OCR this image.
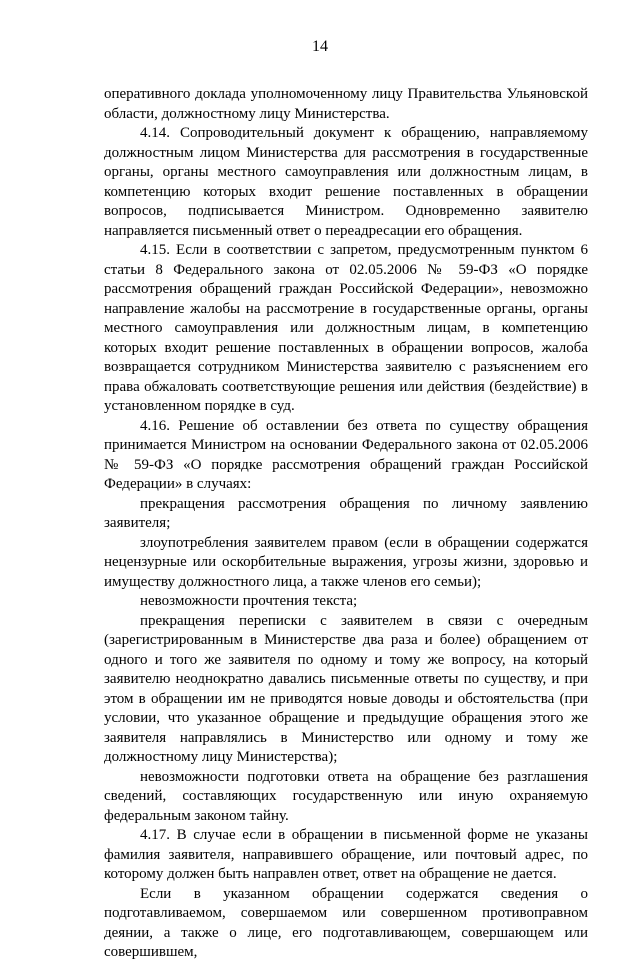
14

оперативного доклада уполномоченному лицу Правительства Ульяновской области, должностному лицу Министерства.

4.14. Сопроводительный документ к обращению, направляемому должностным лицом Министерства для рассмотрения в государственные органы, органы местного самоуправления или должностным лицам, в компетенцию которых входит решение поставленных в обращении вопросов, подписывается Министром. Одновременно заявителю направляется письменный ответ о переадресации его обращения.

4.15. Если в соответствии с запретом, предусмотренным пунктом 6 статьи 8 Федерального закона от 02.05.2006 № 59-ФЗ «О порядке рассмотрения обращений граждан Российской Федерации», невозможно направление жалобы на рассмотрение в государственные органы, органы местного самоуправления или должностным лицам, в компетенцию которых входит решение поставленных в обращении вопросов, жалоба возвращается сотрудником Министерства заявителю с разъяснением его права обжаловать соответствующие решения или действия (бездействие) в установленном порядке в суд.

4.16. Решение об оставлении без ответа по существу обращения принимается Министром на основании Федерального закона от 02.05.2006 № 59-ФЗ «О порядке рассмотрения обращений граждан Российской Федерации» в случаях:

прекращения рассмотрения обращения по личному заявлению заявителя;

злоупотребления заявителем правом (если в обращении содержатся нецензурные или оскорбительные выражения, угрозы жизни, здоровью и имуществу должностного лица, а также членов его семьи);

невозможности прочтения текста;

прекращения переписки с заявителем в связи с очередным (зарегистрированным в Министерстве два раза и более) обращением от одного и того же заявителя по одному и тому же вопросу, на который заявителю неоднократно давались письменные ответы по существу, и при этом в обращении им не приводятся новые доводы и обстоятельства (при условии, что указанное обращение и предыдущие обращения этого же заявителя направлялись в Министерство или одному и тому же должностному лицу Министерства);

невозможности подготовки ответа на обращение без разглашения сведений, составляющих государственную или иную охраняемую федеральным законом тайну.

4.17. В случае если в обращении в письменной форме не указаны фамилия заявителя, направившего обращение, или почтовый адрес, по которому должен быть направлен ответ, ответ на обращение не дается.

Если в указанном обращении содержатся сведения о подготавливаемом, совершаемом или совершенном противоправном деянии, а также о лице, его подготавливающем, совершающем или совершившем,
